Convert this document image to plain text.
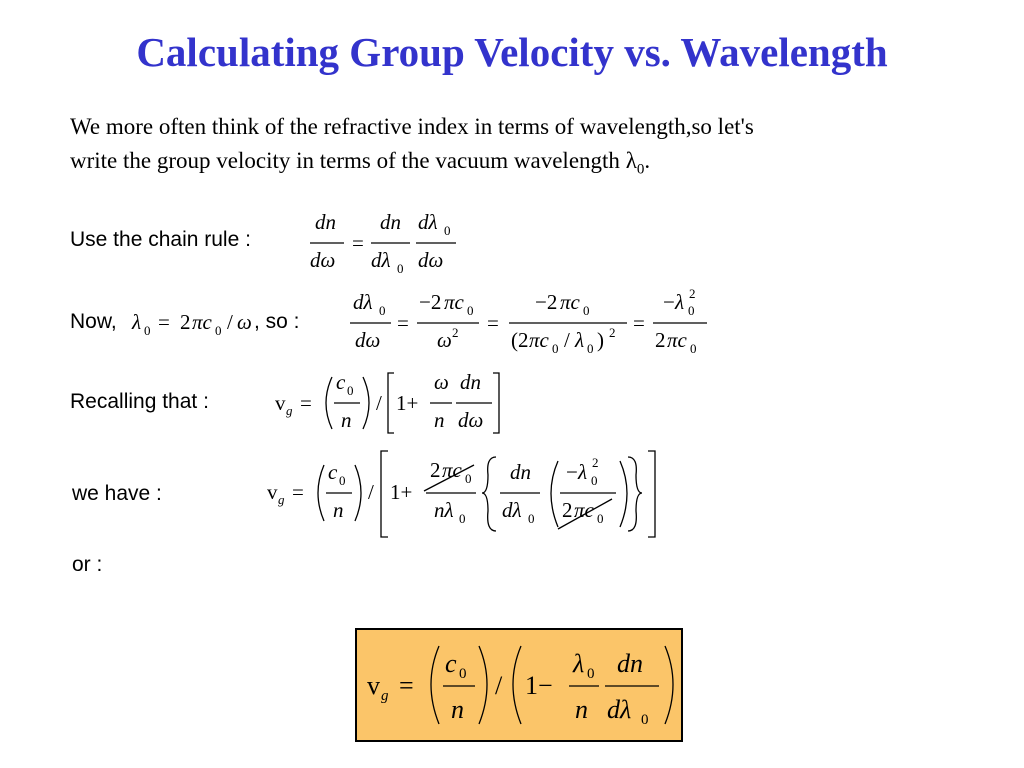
Calculating Group Velocity vs. Wavelength
We more often think of the refractive index in terms of wavelength,so let's
write the group velocity in terms of the vacuum wavelength $\lambda_0$.
Use the chain rule :
dn
dω
=
dn
dλ 0
dλ 0
dω
Now, λ 0 = 2 πc 0 / ω , so :
dλ 0
dω
=
−2 πc 0
ω 2 =
−2 πc 0
(2 πc 0 / λ 0 ) 2 =
− λ 0
2
2 πc 0
Recalling that :	v g =
c 0
n
/ 1+
ω
n
dn
dω
we have :	v g =
c 0
n
/ 1+
2 πc 0
nλ 0
dn
dλ 0
− λ 0
2
2 πc 0
or :
v g =
c 0
n
/ 1−
λ 0
n
dn
dλ 0
